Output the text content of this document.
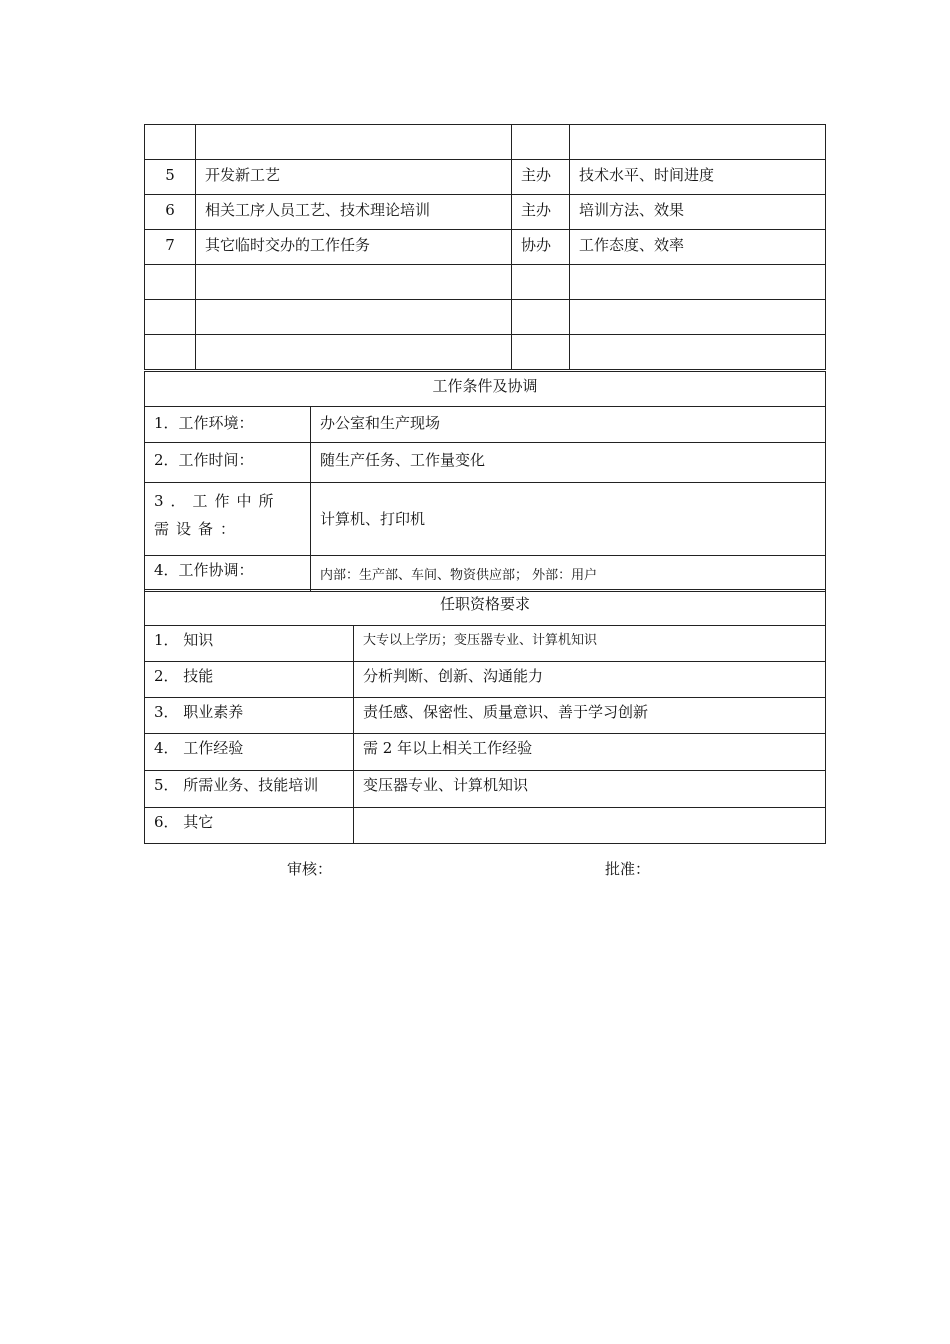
5	开发新工艺	主办	技术水平、时间进度
6	相关工序人员工艺、技术理论培训	主办	培训方法、效果
7	其它临时交办的工作任务	协办	工作态度、效率

工作条件及协调	
1．工作环境：	办公室和生产现场
2．工作时间：	随生产任务、工作量变化
3．工作中所需设备：	计算机、打印机
4．工作协调：	内部：生产部、车间、物资供应部； 外部：用户
任职资格要求	
1． 知识	大专以上学历；变压器专业、计算机知识
2． 技能	分析判断、创新、沟通能力
3． 职业素养	责任感、保密性、质量意识、善于学习创新
4． 工作经验	需 2 年以上相关工作经验
5． 所需业务、技能培训	变压器专业、计算机知识
6． 其它	
审核：	批准：
